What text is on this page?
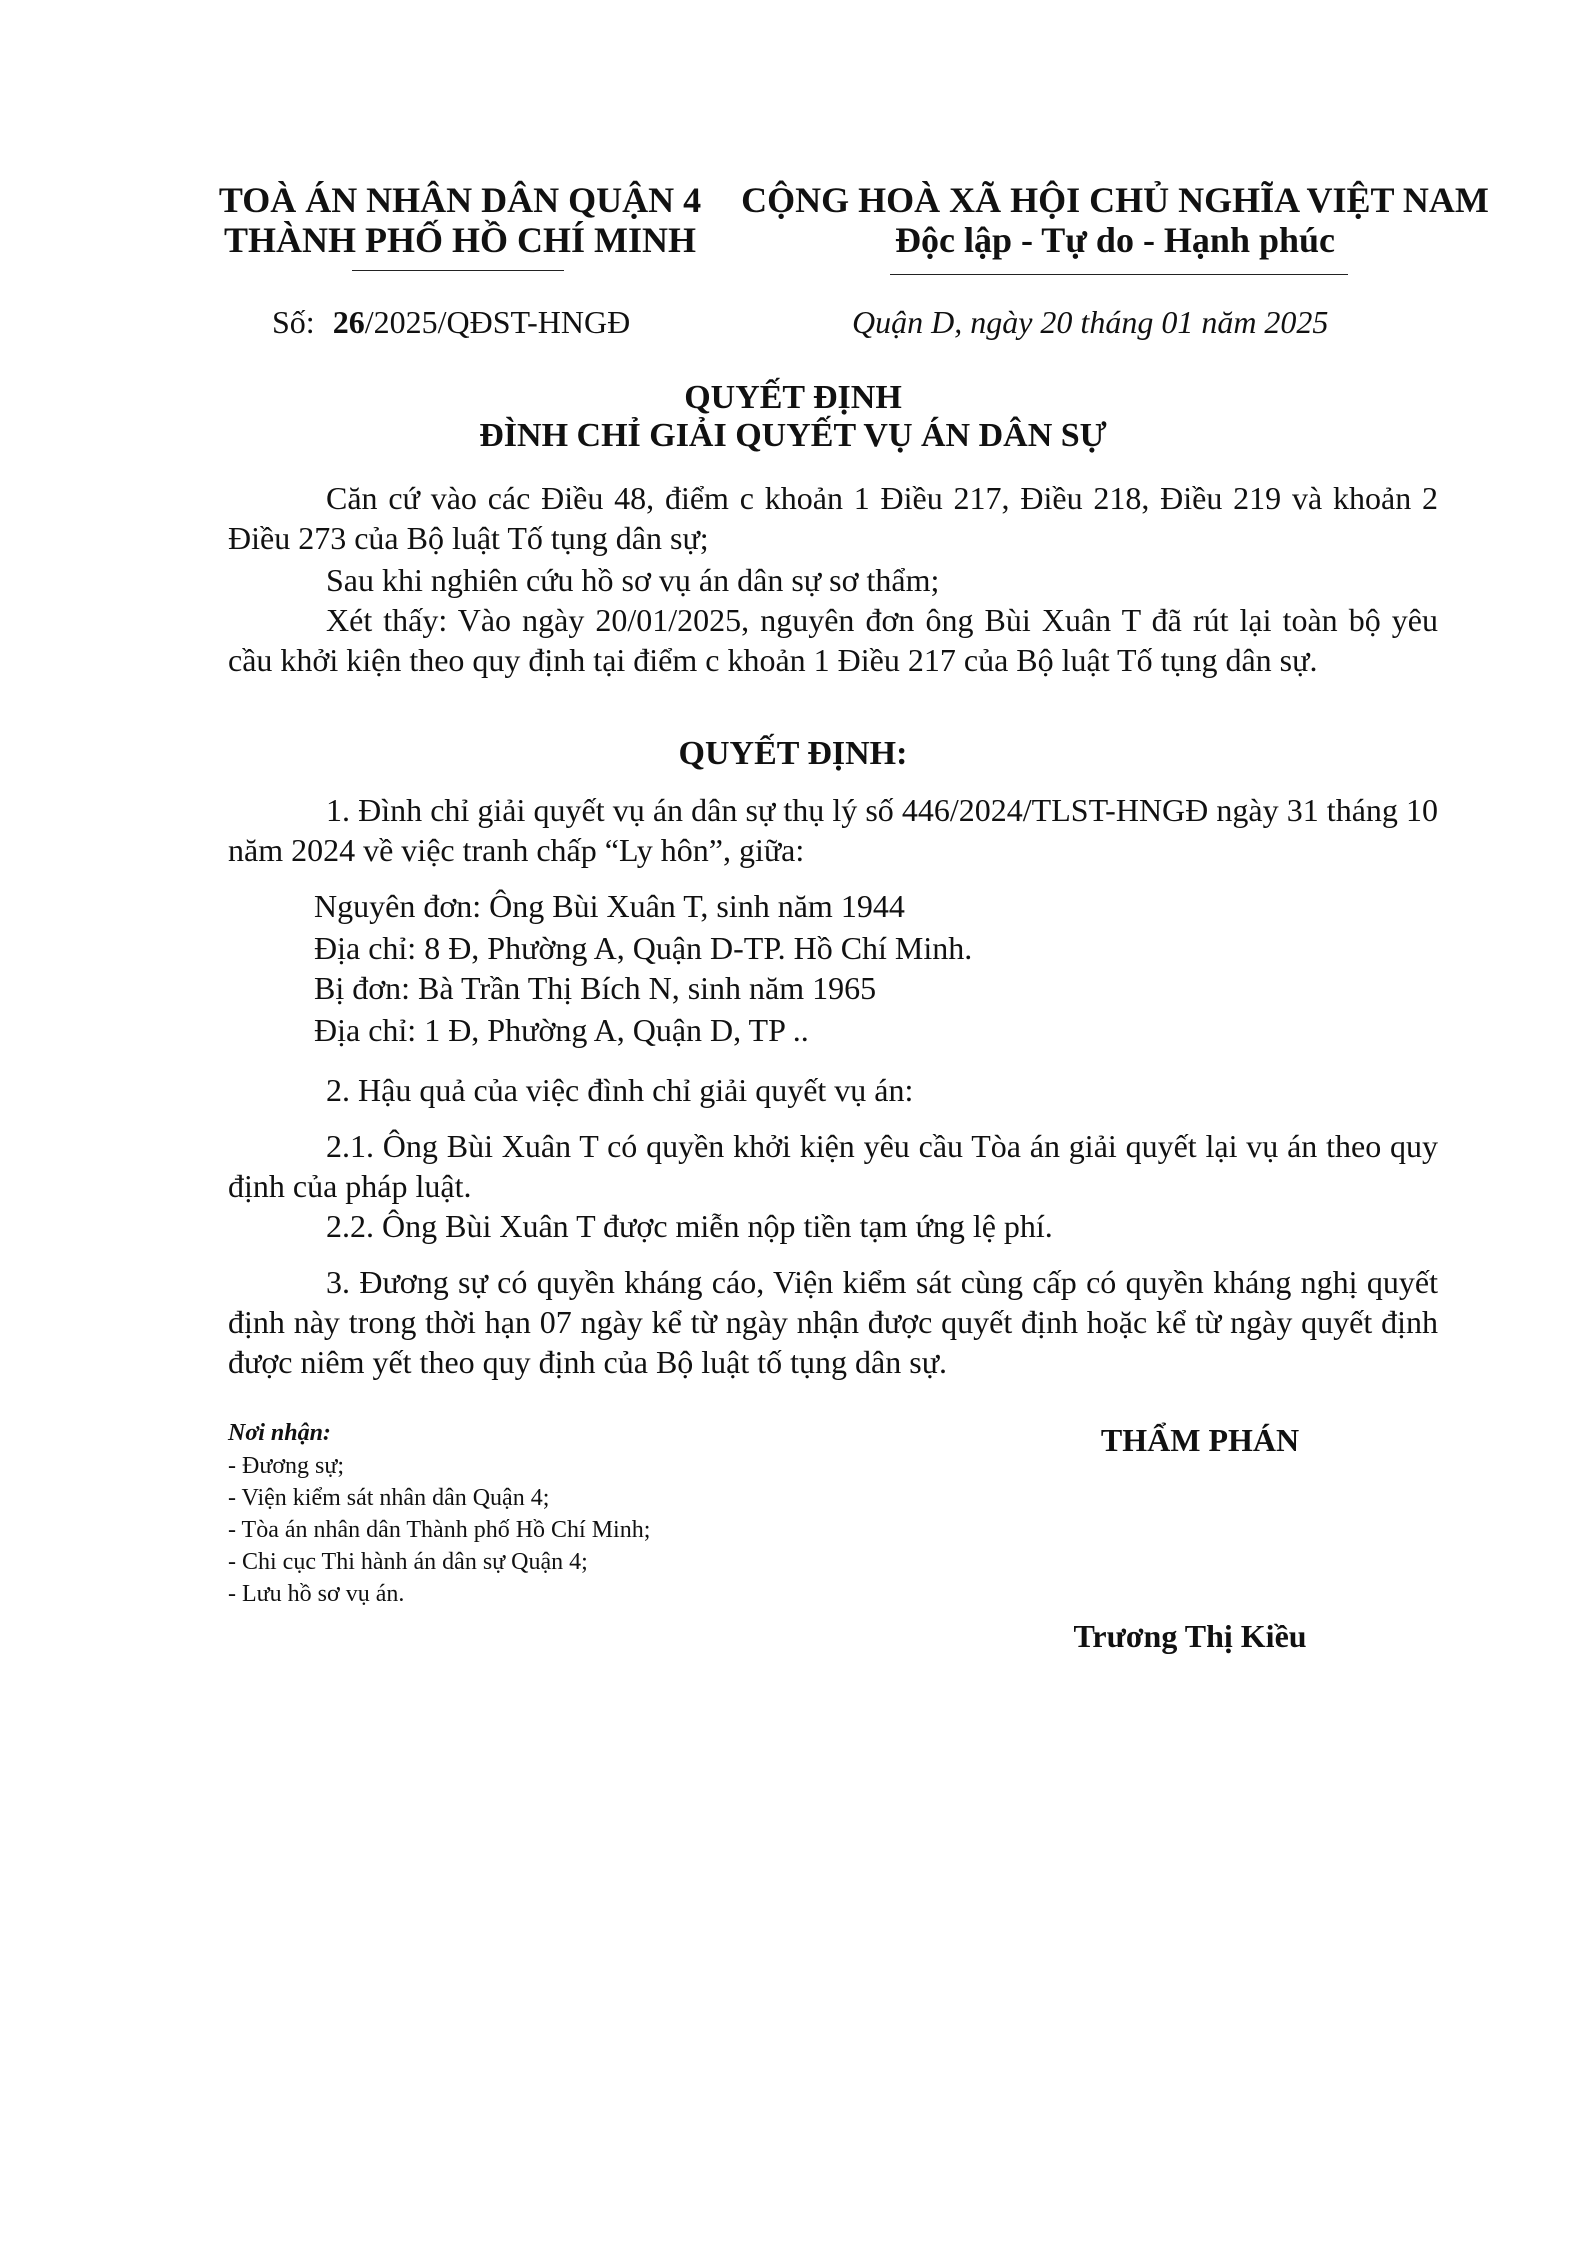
TOÀ ÁN NHÂN DÂN QUẬN 4
THÀNH PHỐ HỒ CHÍ MINH
CỘNG HOÀ XÃ HỘI CHỦ NGHĨA VIỆT NAM
Độc lập - Tự do - Hạnh phúc
Số: 26/2025/QĐST-HNGĐ	Quận D, ngày 20 tháng 01 năm 2025
QUYẾT ĐỊNH
ĐÌNH CHỈ GIẢI QUYẾT VỤ ÁN DÂN SỰ

Căn cứ vào các Điều 48, điểm c khoản 1 Điều 217, Điều 218, Điều 219 và khoản 2 Điều 273 của Bộ luật Tố tụng dân sự;

Sau khi nghiên cứu hồ sơ vụ án dân sự sơ thẩm;

Xét thấy: Vào ngày 20/01/2025, nguyên đơn ông Bùi Xuân T đã rút lại toàn bộ yêu cầu khởi kiện theo quy định tại điểm c khoản 1 Điều 217 của Bộ luật Tố tụng dân sự.

QUYẾT ĐỊNH:

1. Đình chỉ giải quyết vụ án dân sự thụ lý số 446/2024/TLST-HNGĐ ngày 31 tháng 10 năm 2024 về việc tranh chấp “Ly hôn”, giữa:

Nguyên đơn: Ông Bùi Xuân T, sinh năm 1944
Địa chỉ: 8 Đ, Phường A, Quận D-TP. Hồ Chí Minh.
Bị đơn: Bà Trần Thị Bích N, sinh năm 1965
Địa chỉ: 1 Đ, Phường A, Quận D, TP ..

2. Hậu quả của việc đình chỉ giải quyết vụ án:

2.1. Ông Bùi Xuân T có quyền khởi kiện yêu cầu Tòa án giải quyết lại vụ án theo quy định của pháp luật.

2.2. Ông Bùi Xuân T được miễn nộp tiền tạm ứng lệ phí.

3. Đương sự có quyền kháng cáo, Viện kiểm sát cùng cấp có quyền kháng nghị quyết định này trong thời hạn 07 ngày kể từ ngày nhận được quyết định hoặc kể từ ngày quyết định được niêm yết theo quy định của Bộ luật tố tụng dân sự.

Nơi nhận:
- Đương sự;
- Viện kiểm sát nhân dân Quận 4;
- Tòa án nhân dân Thành phố Hồ Chí Minh;
- Chi cục Thi hành án dân sự Quận 4;
- Lưu hồ sơ vụ án.
THẨM PHÁN
Trương Thị Kiều
